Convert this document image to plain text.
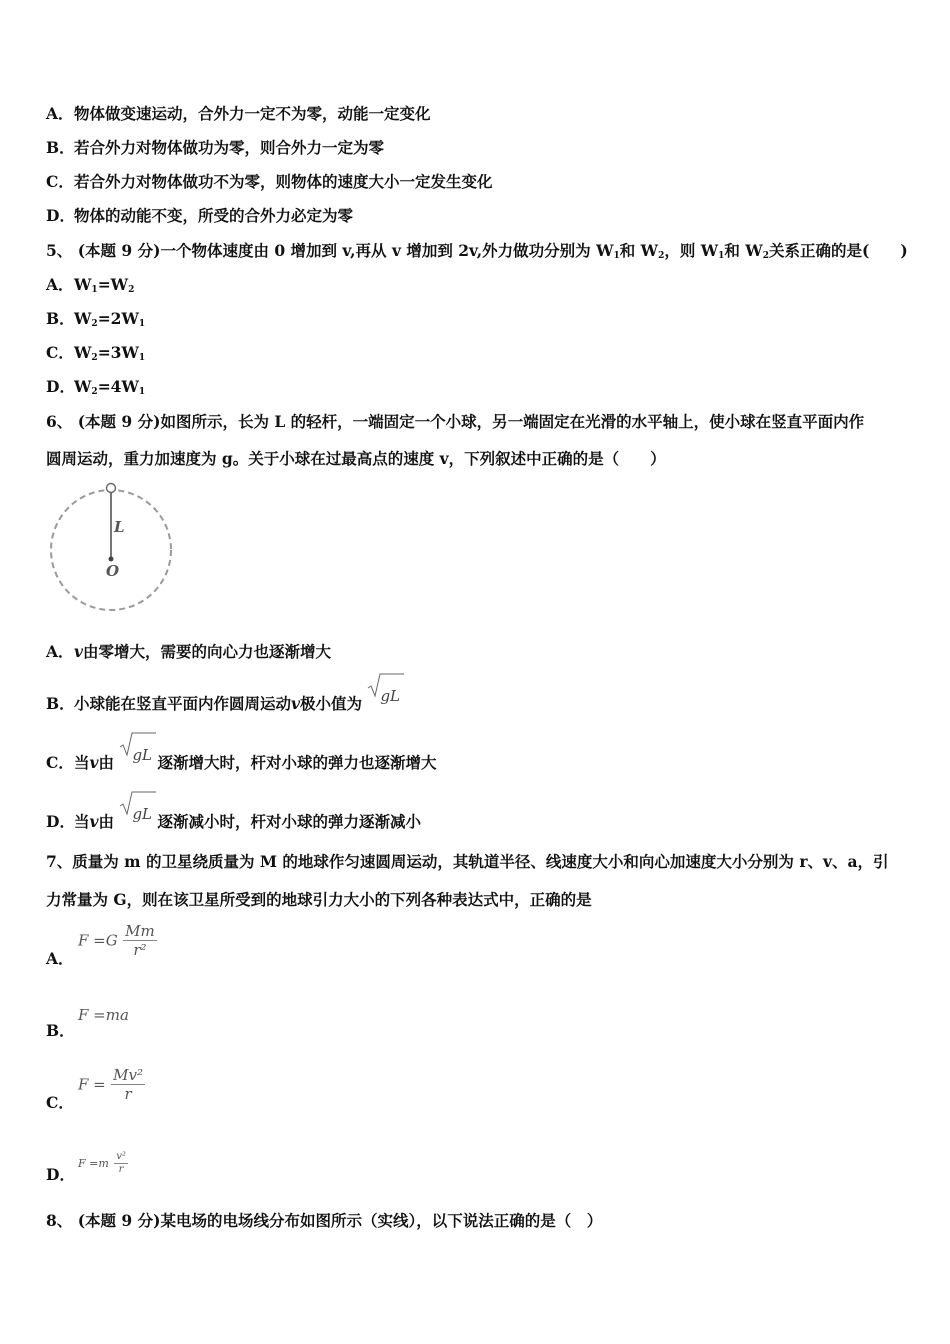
A．物体做变速运动，合外力一定不为零，动能一定变化
B．若合外力对物体做功为零，则合外力一定为零
C．若合外力对物体做功不为零，则物体的速度大小一定发生变化
D．物体的动能不变，所受的合外力必定为零
5、 (本题 9 分)一个物体速度由 0 增加到 v,再从 v 增加到 2v,外力做功分别为 $W_1$和 $W_2$，则 $W_1$和 $W_2$关系正确的是(　　)
A．$W_1=W_2$
B．$W_2=2W_1$
C．$W_2=3W_1$
D．$W_2=4W_1$
6、 (本题 9 分)如图所示，长为 L 的轻杆，一端固定一个小球，另一端固定在光滑的水平轴上，使小球在竖直平面内作
圆周运动，重力加速度为 g。关于小球在过最高点的速度 v，下列叙述中正确的是（　　）
L
O
A．v由零增大，需要的向心力也逐渐增大
B．小球能在竖直平面内作圆周运动v极小值为 gL
C．当v由 gL 逐渐增大时，杆对小球的弹力也逐渐增大
D．当v由 gL 逐渐减小时，杆对小球的弹力逐渐减小
7、质量为 m 的卫星绕质量为 M 的地球作匀速圆周运动，其轨道半径、线速度大小和向心加速度大小分别为 r、v、a，引
力常量为 G，则在该卫星所受到的地球引力大小的下列各种表达式中，正确的是
A．
$F =G \frac{Mm}{\text{r²}}$
B．
F =ma
C．
$F = \frac{\text{Mv²}}{r}$
D．
$F =m \frac{\text{v²}}{r}$
8、 (本题 9 分)某电场的电场线分布如图所示（实线），以下说法正确的是（　）
